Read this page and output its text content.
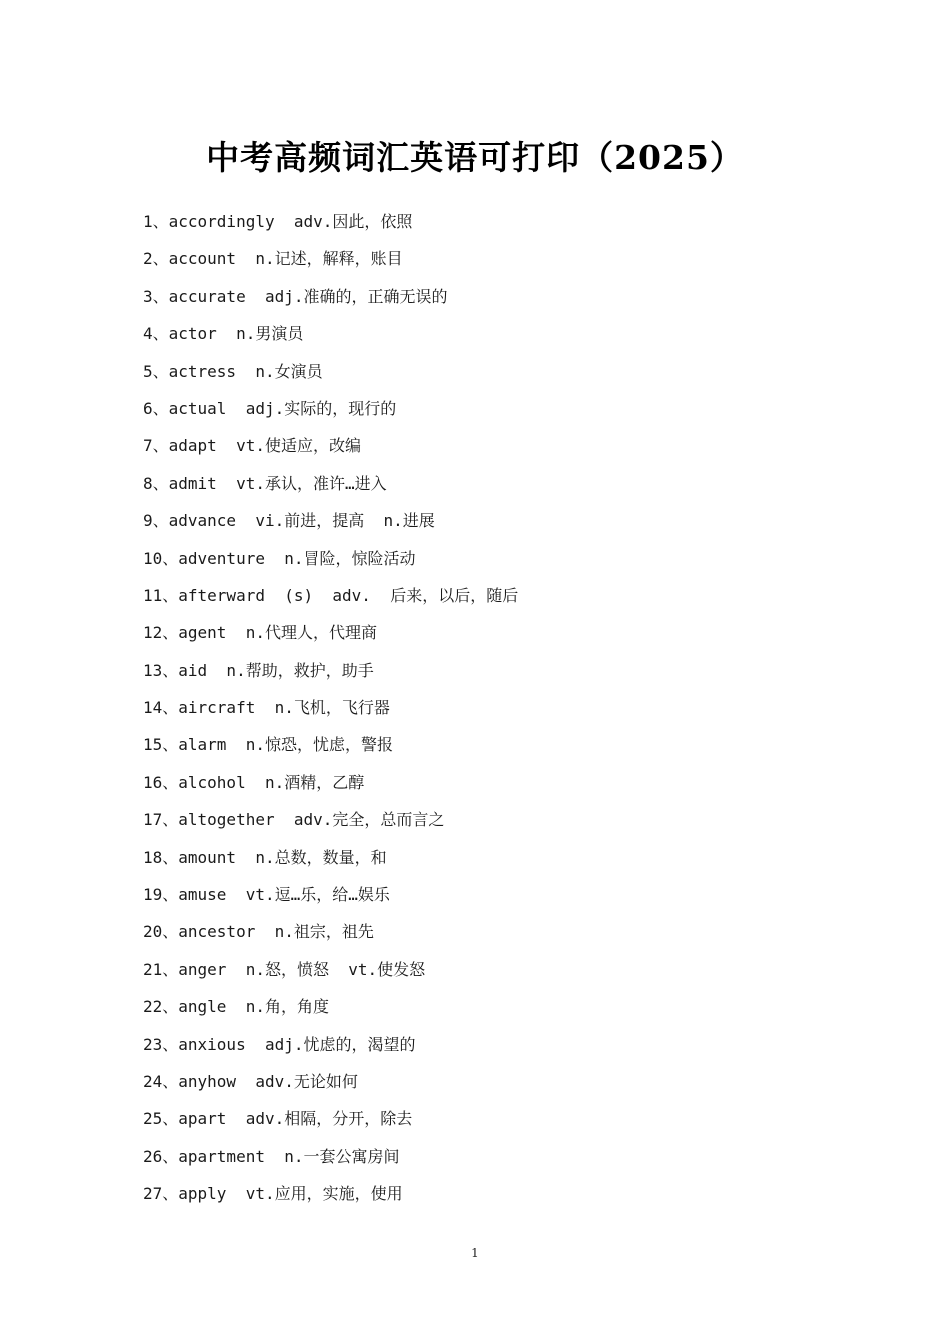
中考高频词汇英语可打印（2025）
1、accordingly  adv.因此，依照
2、account  n.记述，解释，账目
3、accurate  adj.准确的，正确无误的
4、actor  n.男演员
5、actress  n.女演员
6、actual  adj.实际的，现行的
7、adapt  vt.使适应，改编
8、admit  vt.承认，准许…进入
9、advance  vi.前进，提高  n.进展
10、adventure  n.冒险，惊险活动
11、afterward  (s)  adv.  后来，以后，随后
12、agent  n.代理人，代理商
13、aid  n.帮助，救护，助手
14、aircraft  n.飞机，飞行器
15、alarm  n.惊恐，忧虑，警报
16、alcohol  n.酒精，乙醇
17、altogether  adv.完全，总而言之
18、amount  n.总数，数量，和
19、amuse  vt.逗…乐，给…娱乐
20、ancestor  n.祖宗，祖先
21、anger  n.怒，愤怒  vt.使发怒
22、angle  n.角，角度
23、anxious  adj.忧虑的，渴望的
24、anyhow  adv.无论如何
25、apart  adv.相隔，分开，除去
26、apartment  n.一套公寓房间
27、apply  vt.应用，实施，使用
1
